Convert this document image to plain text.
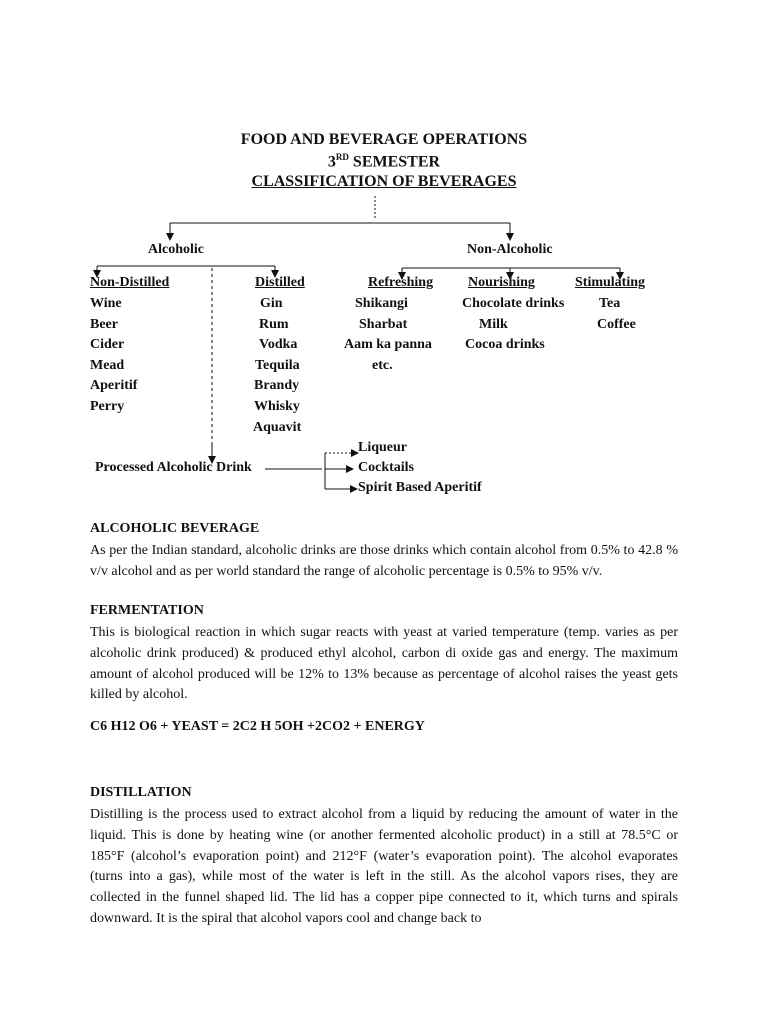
FOOD AND BEVERAGE OPERATIONS
3RD SEMESTER
CLASSIFICATION OF BEVERAGES
Alcoholic	Non-Alcoholic
Non-Distilled	Distilled	Refreshing Nourishing	Stimulating
Wine
Beer
Cider
Mead
Aperitif
Perry
Gin
Rum
Vodka
Tequila
Brandy
Whisky
Aquavit
Shikangi
Sharbat
Aam ka panna
etc.
Chocolate drinks
Milk
Cocoa drinks
Tea
Coffee
Processed Alcoholic Drink
Liqueur
Cocktails
Spirit Based Aperitif
ALCOHOLIC BEVERAGE
As per the Indian standard, alcoholic drinks are those drinks which contain alcohol from 0.5% to 42.8 % v/v alcohol and as per world standard the range of alcoholic percentage is 0.5% to 95% v/v.
FERMENTATION
This is biological reaction in which sugar reacts with yeast at varied temperature (temp. varies as per alcoholic drink produced) & produced ethyl alcohol, carbon di oxide gas and energy. The maximum amount of alcohol produced will be 12% to 13% because as percentage of alcohol raises the yeast gets killed by alcohol.
C6 H12 O6 + YEAST = 2C2 H 5OH +2CO2 + ENERGY
DISTILLATION
Distilling is the process used to extract alcohol from a liquid by reducing the amount of water in the liquid. This is done by heating wine (or another fermented alcoholic product) in a still at 78.5°C or 185°F (alcohol’s evaporation point) and 212°F (water’s evaporation point). The alcohol evaporates (turns into a gas), while most of the water is left in the still. As the alcohol vapors rises, they are collected in the funnel shaped lid. The lid has a copper pipe connected to it, which turns and spirals downward. It is the spiral that alcohol vapors cool and change back to
